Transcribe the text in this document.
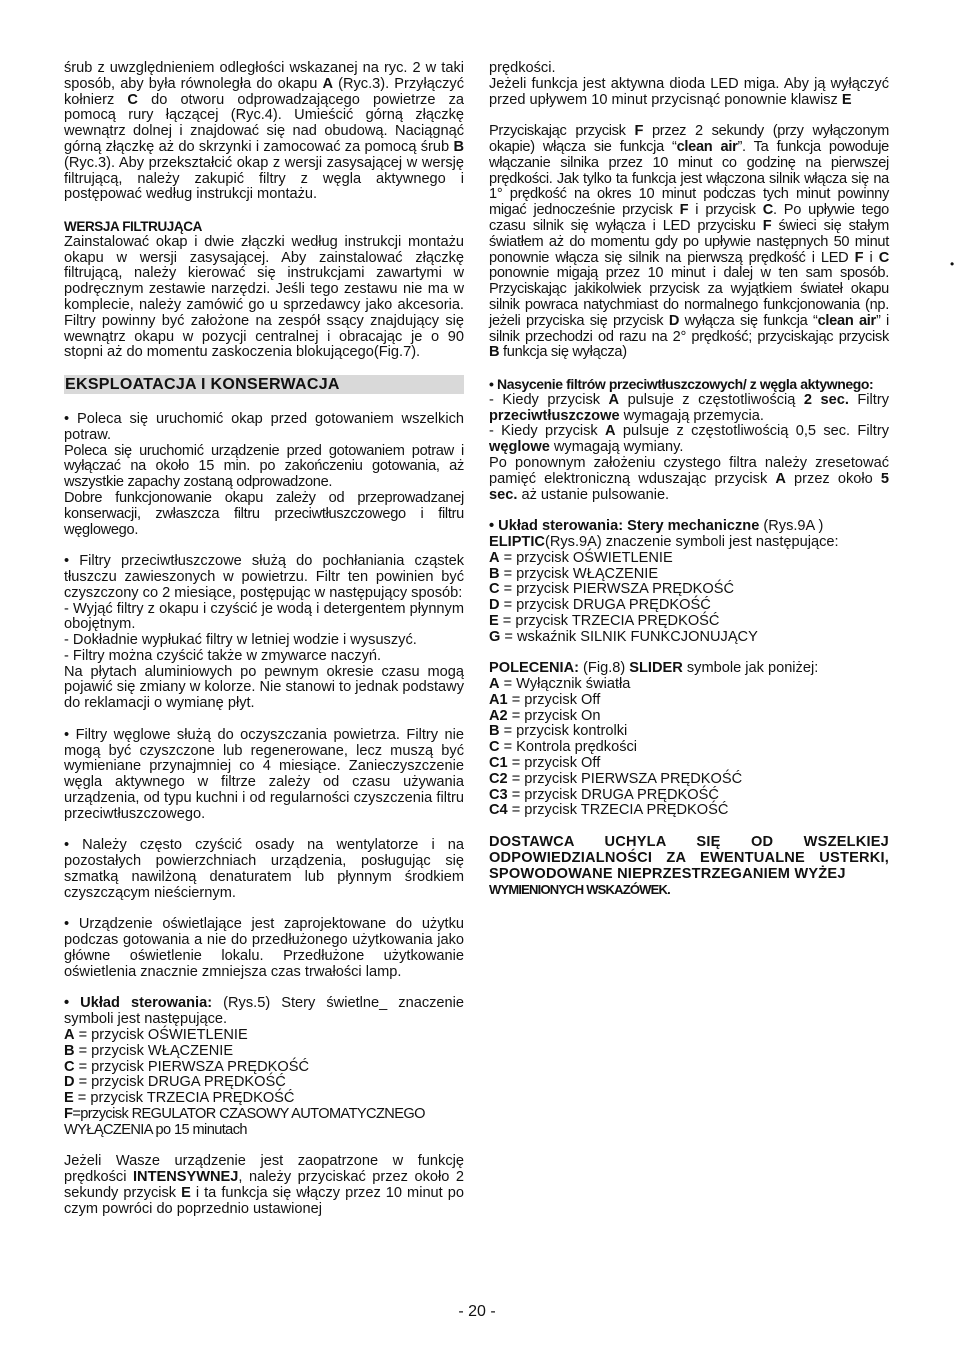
śrub z uwzględnieniem odległości wskazanej na ryc. 2 w taki sposób, aby była równoległa do okapu A (Ryc.3). Przyłączyć kołnierz C do otworu odprowadzającego powietrze za pomocą rury łączącej (Ryc.4). Umieścić górną złączkę wewnątrz dolnej i znajdować się nad obudową. Naciągnąć górną złączkę aż do skrzynki i zamocować za pomocą śrub B (Ryc.3). Aby przekształcić okap z wersji zasysającej w wersję filtrującą, należy zakupić filtry z węgla aktywnego i postępować według instrukcji montażu.

WERSJA FILTRUJĄCA

Zainstalować okap i dwie złączki według instrukcji montażu okapu w wersji zasysającej. Aby zainstalować złączkę filtrującą, należy kierować się instrukcjami zawartymi w podręcznym zestawie narzędzi. Jeśli tego zestawu nie ma w komplecie, należy zamówić go u sprzedawcy jako akcesoria. Filtry powinny być założone na zespół ssący znajdujący się wewnątrz okapu w pozycji centralnej i obracając je o 90 stopni aż do momentu zaskoczenia blokującego(Fig.7).

EKSPLOATACJA I KONSERWACJA

• Poleca się uruchomić okap przed gotowaniem wszelkich potraw.

Poleca się uruchomić urządzenie przed gotowaniem potraw i wyłączać na około 15 min. po zakończeniu gotowania, aż wszystkie zapachy zostaną odprowadzone.

Dobre funkcjonowanie okapu zależy od przeprowadzanej konserwacji, zwłaszcza filtru przeciwtłuszczowego i filtru węglowego.

• Filtry przeciwtłuszczowe służą do pochłaniania cząstek tłuszczu zawieszonych w powietrzu. Filtr ten powinien być czyszczony co 2 miesiące, postępując w następujący sposób:

- Wyjąć filtry z okapu i czyścić je wodą i detergentem płynnym obojętnym.

- Dokładnie wypłukać filtry w letniej wodzie i wysuszyć.

- Filtry można czyścić także w zmywarce naczyń.

Na płytach aluminiowych po pewnym okresie czasu mogą pojawić się zmiany w kolorze. Nie stanowi to jednak podstawy do reklamacji o wymianę płyt.

• Filtry węglowe służą do oczyszczania powietrza. Filtry nie mogą być czyszczone lub regenerowane, lecz muszą być wymieniane przynajmniej co 4 miesiące. Zanieczyszczenie węgla aktywnego w filtrze zależy od czasu używania urządzenia, od typu kuchni i od regularności czyszczenia filtru przeciwtłuszczowego.

• Należy często czyścić osady na wentylatorze i na pozostałych powierzchniach urządzenia, posługując się szmatką nawilżoną denaturatem lub płynnym środkiem czyszczącym nieściernym.

• Urządzenie oświetlające jest zaprojektowane do użytku podczas gotowania a nie do przedłużonego użytkowania jako główne oświetlenie lokalu. Przedłużone użytkowanie oświetlenia znacznie zmniejsza czas trwałości lamp.

• Układ sterowania: (Rys.5) Stery świetlne_ znaczenie symboli jest następujące.

A = przycisk OŚWIETLENIE
B = przycisk WŁĄCZENIE
C = przycisk PIERWSZA PRĘDKOŚĆ
D = przycisk DRUGA PRĘDKOŚĆ
E = przycisk TRZECIA PRĘDKOŚĆ
F=przycisk REGULATOR CZASOWY AUTOMATYCZNEGO WYŁĄCZENIA po 15 minutach

Jeżeli Wasze urządzenie jest zaopatrzone w funkcję prędkości INTENSYWNEJ, należy przyciskać przez około 2 sekundy przycisk E i ta funkcja się włączy przez 10 minut po czym powróci do poprzednio ustawionej

prędkości.

Jeżeli funkcja jest aktywna dioda LED miga. Aby ją wyłączyć przed upływem 10 minut przycisnąć ponownie klawisz E

Przyciskając przycisk F przez 2 sekundy (przy wyłączonym okapie) włącza sie funkcja “clean air”. Ta funkcja powoduje włączanie silnika przez 10 minut co godzinę na pierwszej prędkości. Jak tylko ta funkcja jest włączona silnik włącza się na 1° prędkość na okres 10 minut podczas tych minut powinny migać jednocześnie przycisk F i przycisk C. Po upływie tego czasu silnik się wyłącza i LED przycisku F świeci się stałym światłem aż do momentu gdy po upływie następnych 50 minut ponownie włącza się silnik na pierwszą prędkość i LED F i C ponownie migają przez 10 minut i dalej w ten sam sposób. Przyciskając jakikolwiek przycisk za wyjątkiem świateł okapu silnik powraca natychmiast do normalnego funkcjonowania (np. jeżeli przyciska się przycisk D wyłącza się funkcja “clean air” i silnik przechodzi od razu na 2° prędkość; przyciskając przycisk B funkcja się wyłącza)

• Nasycenie filtrów przeciwtłuszczowych/ z węgla aktywnego:

- Kiedy przycisk A pulsuje z częstotliwością 2 sec. Filtry przeciwtłuszczowe wymagają przemycia.

- Kiedy przycisk A pulsuje z częstotliwością 0,5 sec. Filtry węglowe wymagają wymiany.

Po ponownym założeniu czystego filtra należy zresetować pamięć elektroniczną wduszając przycisk A przez około 5 sec. aż ustanie pulsowanie.

• Układ sterowania: Stery mechaniczne (Rys.9A )
ELIPTIC(Rys.9A) znaczenie symboli jest następujące:

A = przycisk OŚWIETLENIE
B = przycisk WŁĄCZENIE
C = przycisk PIERWSZA PRĘDKOŚĆ
D = przycisk DRUGA PRĘDKOŚĆ
E = przycisk TRZECIA PRĘDKOŚĆ
G = wskaźnik SILNIK FUNKCJONUJĄCY

POLECENIA: (Fig.8) SLIDER symbole jak poniżej:

A = Wyłącznik światła
A1 = przycisk Off
A2 = przycisk On
B = przycisk kontrolki
C = Kontrola prędkości
C1 = przycisk Off
C2 = przycisk PIERWSZA PRĘDKOŚĆ
C3 = przycisk DRUGA PRĘDKOŚĆ
C4 = przycisk TRZECIA PRĘDKOŚĆ

DOSTAWCA UCHYLA SIĘ OD WSZELKIEJ ODPOWIEDZIALNOŚCI ZA EWENTUALNE USTERKI, SPOWODOWANE NIEPRZESTRZEGANIEM WYŻEJ
WYMIENIONYCH WSKAZÓWEK.

- 20 -
•
